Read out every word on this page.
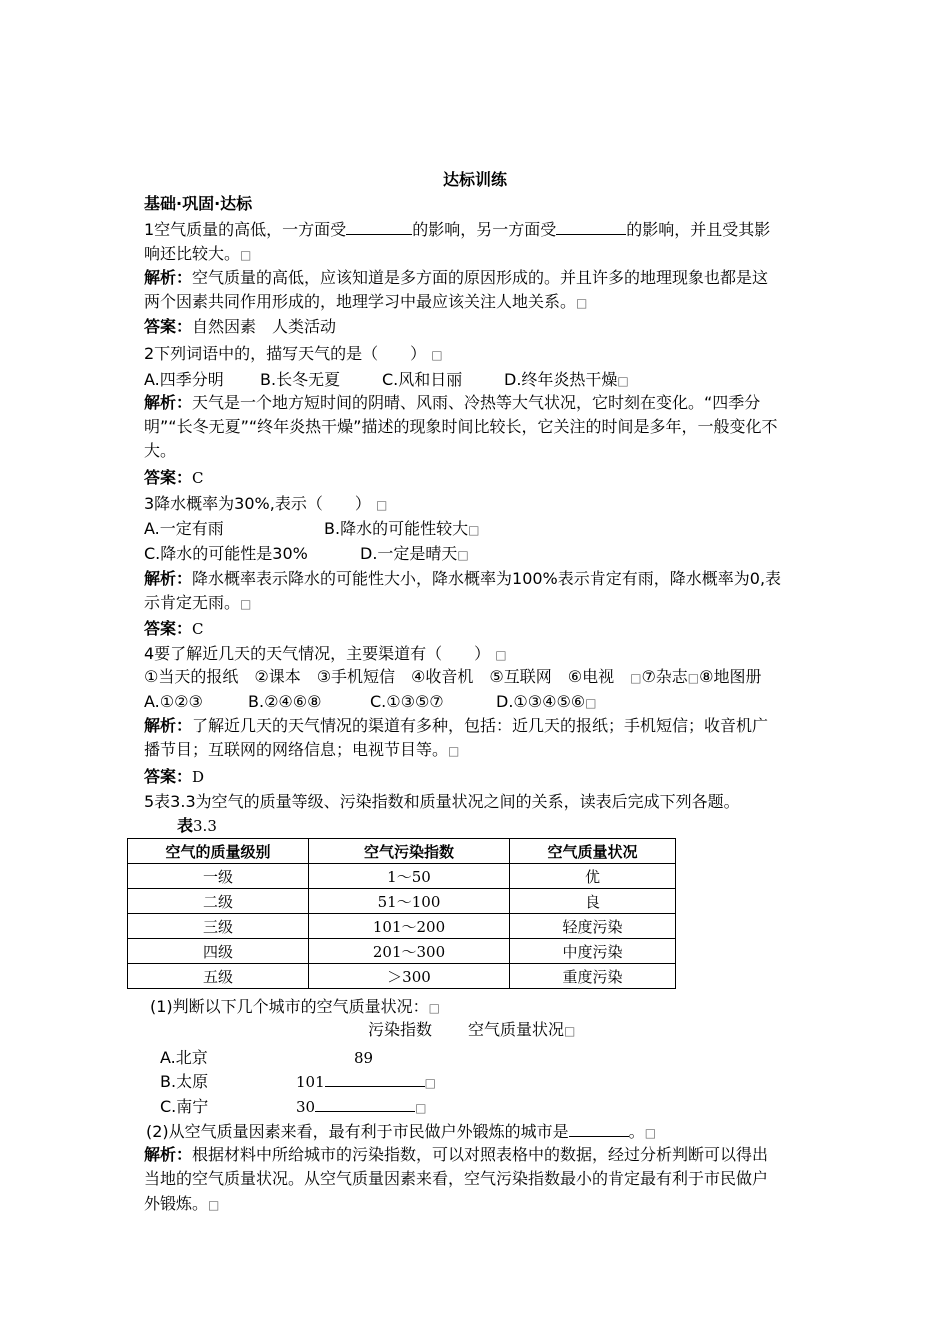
达标训练
基础·巩固·达标
1空气质量的高低，一方面受	的影响，另一方面受	的影响，并且受其影
响还比较大。□
解析：空气质量的高低，应该知道是多方面的原因形成的。并且许多的地理现象也都是这
两个因素共同作用形成的，地理学习中最应该关注人地关系。□
答案：自然因素　人类活动
2下列词语中的，描写天气的是（　　） □
A.四季分明 B.长冬无夏	C.风和日丽	D.终年炎热干燥□
解析：天气是一个地方短时间的阴晴、风雨、冷热等大气状况，它时刻在变化。“四季分
明”“长冬无夏”“终年炎热干燥”描述的现象时间比较长，它关注的时间是多年，一般变化不
大。
答案：C
3降水概率为30%,表示（　　） □
A.一定有雨	B.降水的可能性较大□
C.降水的可能性是30%	D.一定是晴天□
解析：降水概率表示降水的可能性大小，降水概率为100%表示肯定有雨，降水概率为0,表
示肯定无雨。□
答案：C
4要了解近几天的天气情况，主要渠道有（　　） □
①当天的报纸　②课本　③手机短信　④收音机　⑤互联网　⑥电视　 □⑦杂志□⑧地图册
A.①②③	B.②④⑥⑧	C.①③⑤⑦	D.①③④⑤⑥□
解析：了解近几天的天气情况的渠道有多种，包括：近几天的报纸；手机短信；收音机广
播节目；互联网的网络信息；电视节目等。□
答案：D
5表3.3为空气的质量等级、污染指数和质量状况之间的关系，读表后完成下列各题。
表3.3
空气的质量级别	空气污染指数	空气质量状况
一级	1～50	优
二级	51～100	良
三级	101～200	轻度污染
四级	201～300	中度污染
五级	＞300	重度污染
(1)判断以下几个城市的空气质量状况：□
污染指数 空气质量状况□
A.北京	89
B.太原	101	□
C.南宁	30	□
(2)从空气质量因素来看，最有利于市民做户外锻炼的城市是	。□
解析：根据材料中所给城市的污染指数，可以对照表格中的数据，经过分析判断可以得出
当地的空气质量状况。从空气质量因素来看，空气污染指数最小的肯定最有利于市民做户
外锻炼。□
